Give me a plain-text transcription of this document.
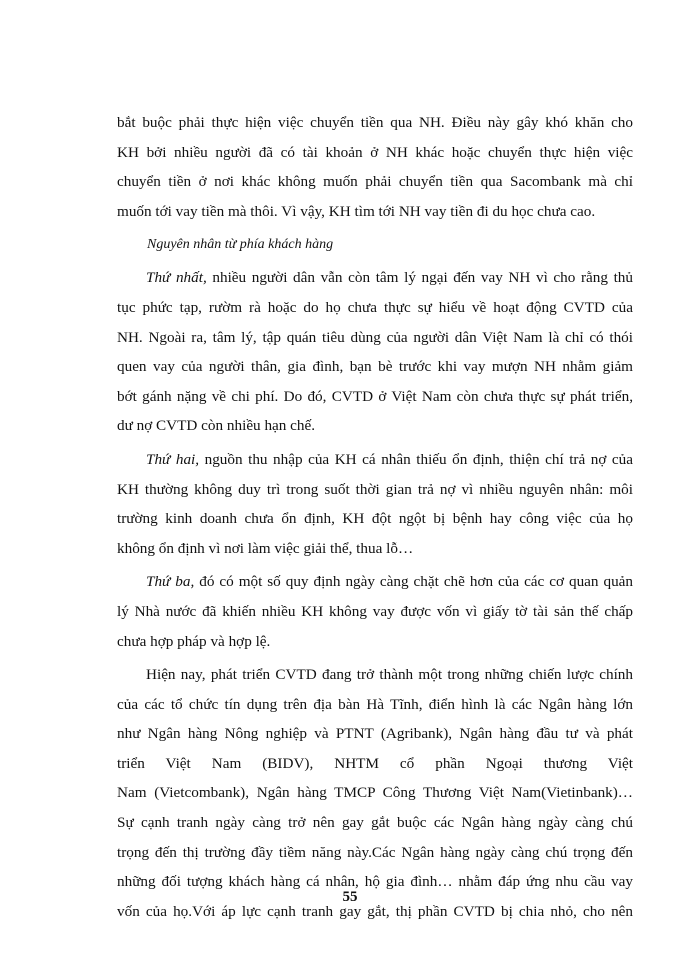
bắt buộc phải thực hiện việc chuyển tiền qua NH. Điều này gây khó khăn cho
KH bởi nhiều người đã có tài khoản ở NH khác hoặc chuyển thực hiện việc
chuyển tiền ở nơi khác không muốn phải chuyển tiền qua Sacombank mà chỉ
muốn tới vay tiền mà thôi. Vì vậy, KH tìm tới NH vay tiền đi du học chưa cao.
Nguyên nhân từ phía khách hàng
Thứ nhất, nhiều người dân vẫn còn tâm lý ngại đến vay NH vì cho rằng thủ
tục phức tạp, rườm rà hoặc do họ chưa thực sự hiểu về hoạt động CVTD của
NH. Ngoài ra, tâm lý, tập quán tiêu dùng của người dân Việt Nam là chỉ có thói
quen vay của người thân, gia đình, bạn bè trước khi vay mượn NH nhằm giảm
bớt gánh nặng về chi phí. Do đó, CVTD ở Việt Nam còn chưa thực sự phát triển,
dư nợ CVTD còn nhiều hạn chế.
Thứ hai, nguồn thu nhập của KH cá nhân thiếu ổn định, thiện chí trả nợ của
KH thường không duy trì trong suốt thời gian trả nợ vì nhiều nguyên nhân: môi
trường kinh doanh chưa ổn định, KH đột ngột bị bệnh hay công việc của họ
không ổn định vì nơi làm việc giải thể, thua lỗ…
Thứ ba, đó có một số quy định ngày càng chặt chẽ hơn của các cơ quan quản
lý Nhà nước đã khiến nhiều KH không vay được vốn vì giấy tờ tài sản thế chấp
chưa hợp pháp và hợp lệ.
Hiện nay, phát triển CVTD đang trở thành một trong những chiến lược chính
của các tổ chức tín dụng trên địa bàn Hà Tĩnh, điển hình là các Ngân hàng lớn
như Ngân hàng Nông nghiệp và PTNT (Agribank), Ngân hàng đầu tư và phát
triển Việt Nam (BIDV), NHTM cổ phần Ngoại thương Việt
Nam (Vietcombank), Ngân hàng TMCP Công Thương Việt Nam(Vietinbank)…
Sự cạnh tranh ngày càng trở nên gay gắt buộc các Ngân hàng ngày càng chú
trọng đến thị trường đầy tiềm năng này.Các Ngân hàng ngày càng chú trọng đến
những đối tượng khách hàng cá nhân, hộ gia đình… nhằm đáp ứng nhu cầu vay
vốn của họ.Với áp lực cạnh tranh gay gắt, thị phần CVTD bị chia nhỏ, cho nên
55
